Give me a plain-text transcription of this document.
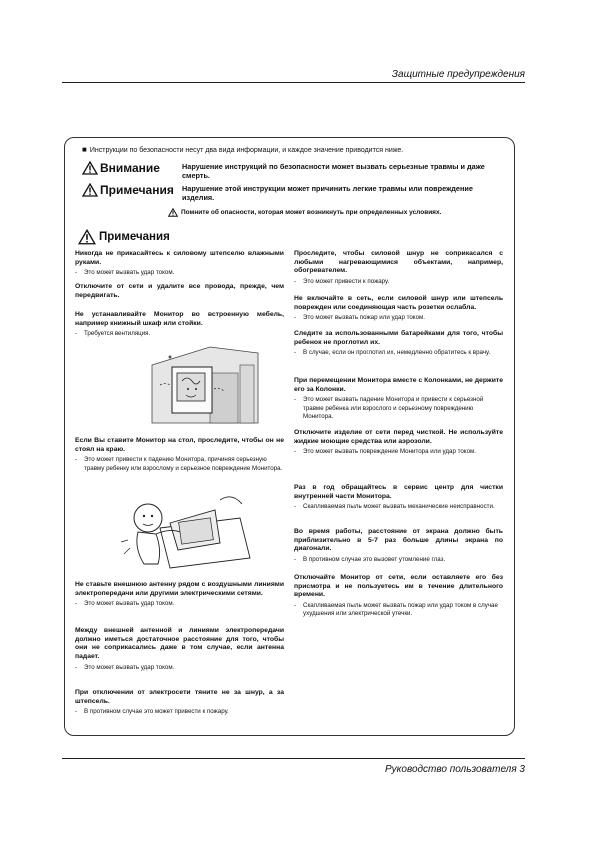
Защитные предупреждения
■ Инструкции по безопасности несут два вида информации, и каждое значение приводится ниже.
Внимание	Нарушение инструкций по безопасности может вызвать серьезные травмы и даже смерть.
Примечания Нарушение этой инструкции может причинить легкие травмы или повреждение изделия.
Помните об опасности, которая может возникнуть при определенных условиях.
Примечания
Никогда не прикасайтесь к силовому штепселю влажными руками.
-	Это может вызвать удар током.
Отключите от сети и удалите все провода, прежде, чем передвигать.
Не устанавливайте Монитор во встроенную мебель, например книжный шкаф или стойки.
-	Требуется вентиляция.
Если Вы ставите Монитор на стол, проследите, чтобы он не стоял на краю.
-	Это может привести к падению Монитора, причиняя серьезную травму ребенку или взрослому и серьезное повреждение Монитора.
Не ставьте внешнюю антенну рядом с воздушными линиями электропередачи или другими электрическими сетями.
-	Это может вызвать удар током.
Между внешней антенной и линиями электропередачи должно иметься достаточное расстояние для того, чтобы они не соприкасались даже в том случае, если антенна падает.
-	Это может вызвать удар током.
При отключении от электросети тяните не за шнур, а за штепсель.
-	В противном случае это может привести к пожару.
Проследите, чтобы силовой шнур не соприкасался с любыми нагревающимися объектами, например, обогревателем.
-	Это может привести к пожару.
Не включайте в сеть, если силовой шнур или штепсель поврежден или соединяющая часть розетки ослабла.
-	Это может вызвать пожар или удар током.
Следите за использованными батарейками для того, чтобы ребенок не проглотил их.
-	В случае, если он проглотил их, немедленно обратитесь к врачу.
При перемещении Монитора вместе с Колонками, не держите его за Колонки.
-	Это может вызвать падение Монитора и привести к серьезной травме ребенка или взрослого и серьезному повреждению Монитора.
Отключите изделие от сети перед чисткой. Не используйте жидкие моющие средства или аэрозоли.
-	Это может вызвать повреждение Монитора или удар током.
Раз в год обращайтесь в сервис центр для чистки внутренней части Монитора.
-	Скапливаемая пыль может вызвать механические неисправности.
Во время работы, расстояние от экрана должно быть приблизительно в 5-7 раз больше длины экрана по диагонали.
-	В противном случае это вызовет утомление глаз.
Отключайте Монитор от сети, если оставляете его без присмотра и не пользуетесь им в течение длительного времени.
-	Скапливаемая пыль может вызвать пожар или удар током в случае ухудшения или электрической утечки.
Руководство пользователя 3
